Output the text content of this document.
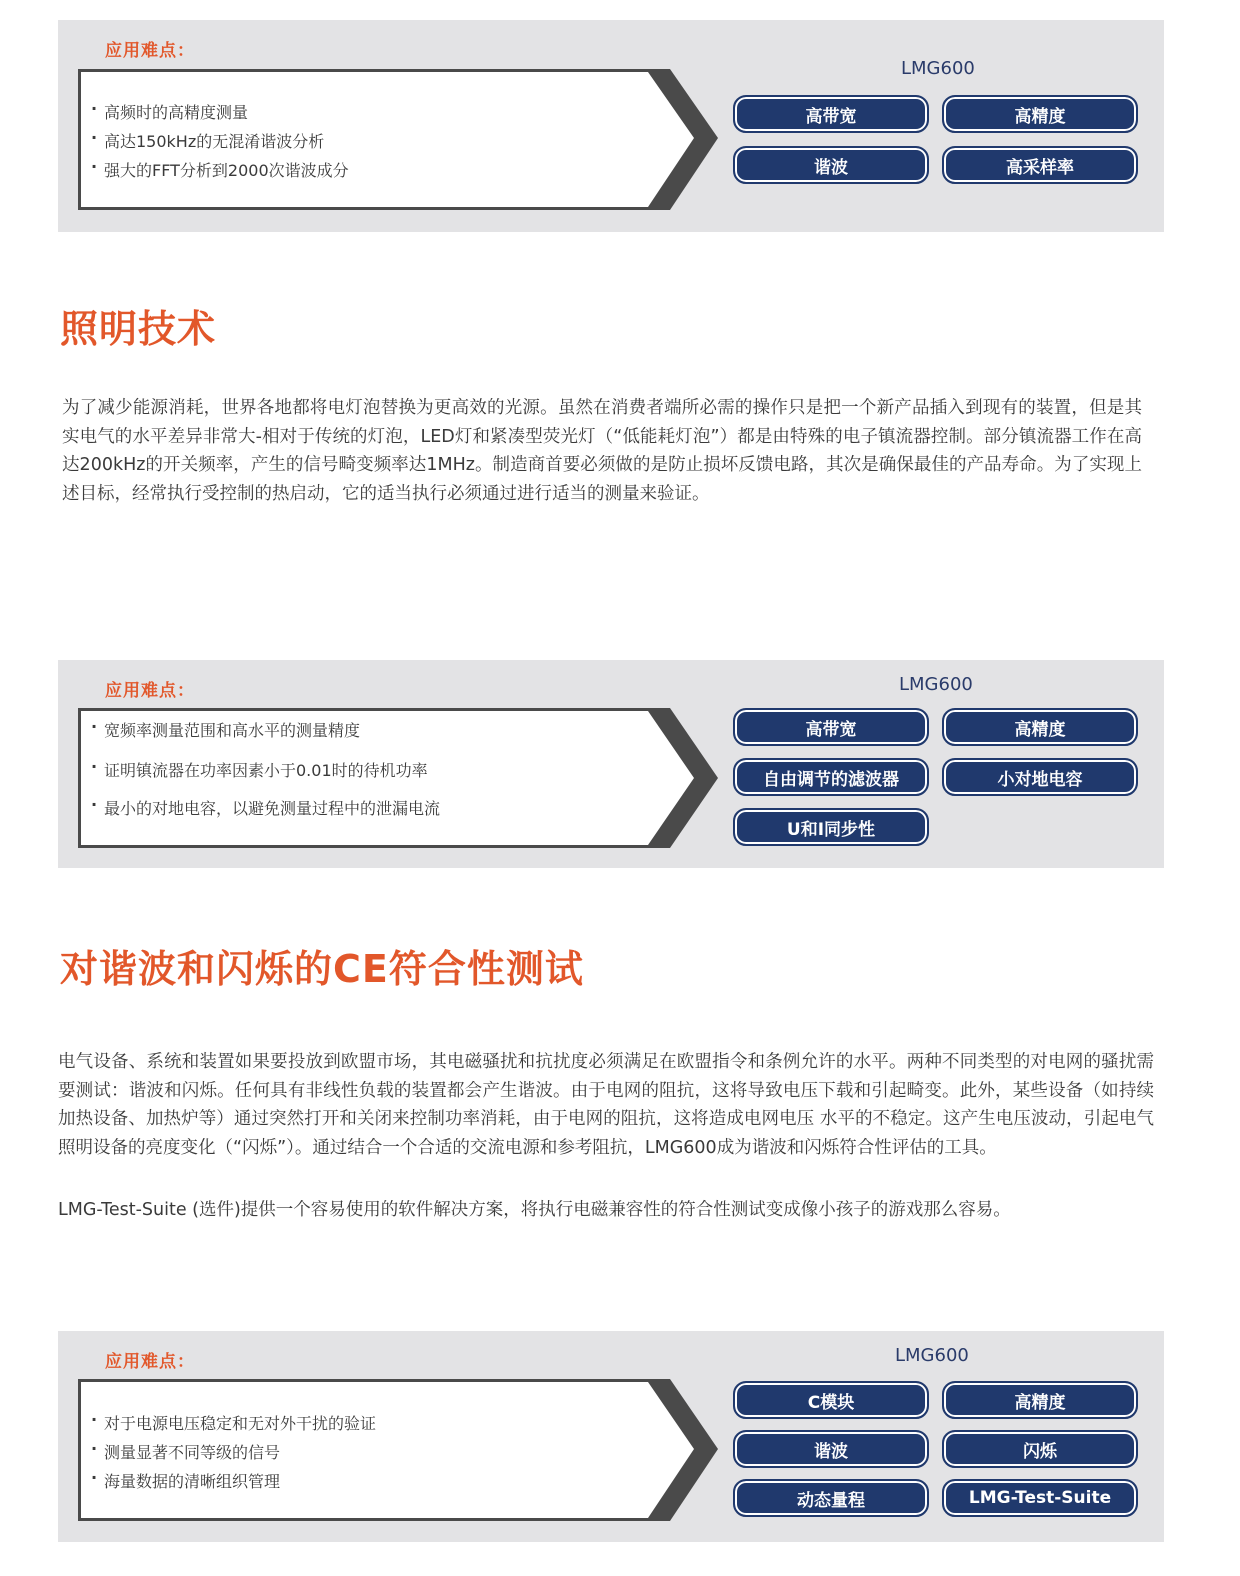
应用难点：
· 高频时的高精度测量
· 高达150kHz的无混淆谐波分析
· 强大的FFT分析到2000次谐波成分
LMG600
高带宽	高精度
谐波	高采样率
照明技术

为了减少能源消耗，世界各地都将电灯泡替换为更高效的光源。虽然在消费者端所必需的操作只是把一个新产品插入到现有的装置，但是其实电气的水平差异非常大-相对于传统的灯泡，LED灯和紧凑型荧光灯（“低能耗灯泡”）都是由特殊的电子镇流器控制。部分镇流器工作在高达200kHz的开关频率，产生的信号畸变频率达1MHz。制造商首要必须做的是防止损坏反馈电路，其次是确保最佳的产品寿命。为了实现上述目标，经常执行受控制的热启动，它的适当执行必须通过进行适当的测量来验证。

应用难点：
· 宽频率测量范围和高水平的测量精度
· 证明镇流器在功率因素小于0.01时的待机功率
· 最小的对地电容，以避免测量过程中的泄漏电流
LMG600
高带宽	高精度
自由调节的滤波器	小对地电容
U和I同步性
对谐波和闪烁的CE符合性测试

电气设备、系统和装置如果要投放到欧盟市场，其电磁骚扰和抗扰度必须满足在欧盟指令和条例允许的水平。两种不同类型的对电网的骚扰需要测试：谐波和闪烁。任何具有非线性负载的装置都会产生谐波。由于电网的阻抗，这将导致电压下载和引起畸变。此外，某些设备（如持续加热设备、加热炉等）通过突然打开和关闭来控制功率消耗，由于电网的阻抗，这将造成电网电压 水平的不稳定。这产生电压波动，引起电气照明设备的亮度变化（“闪烁”）。通过结合一个合适的交流电源和参考阻抗，LMG600成为谐波和闪烁符合性评估的工具。

LMG-Test-Suite (选件)提供一个容易使用的软件解决方案，将执行电磁兼容性的符合性测试变成像小孩子的游戏那么容易。

应用难点：
· 对于电源电压稳定和无对外干扰的验证
· 测量显著不同等级的信号
· 海量数据的清晰组织管理
LMG600
C模块	高精度
谐波	闪烁
动态量程	LMG-Test-Suite
